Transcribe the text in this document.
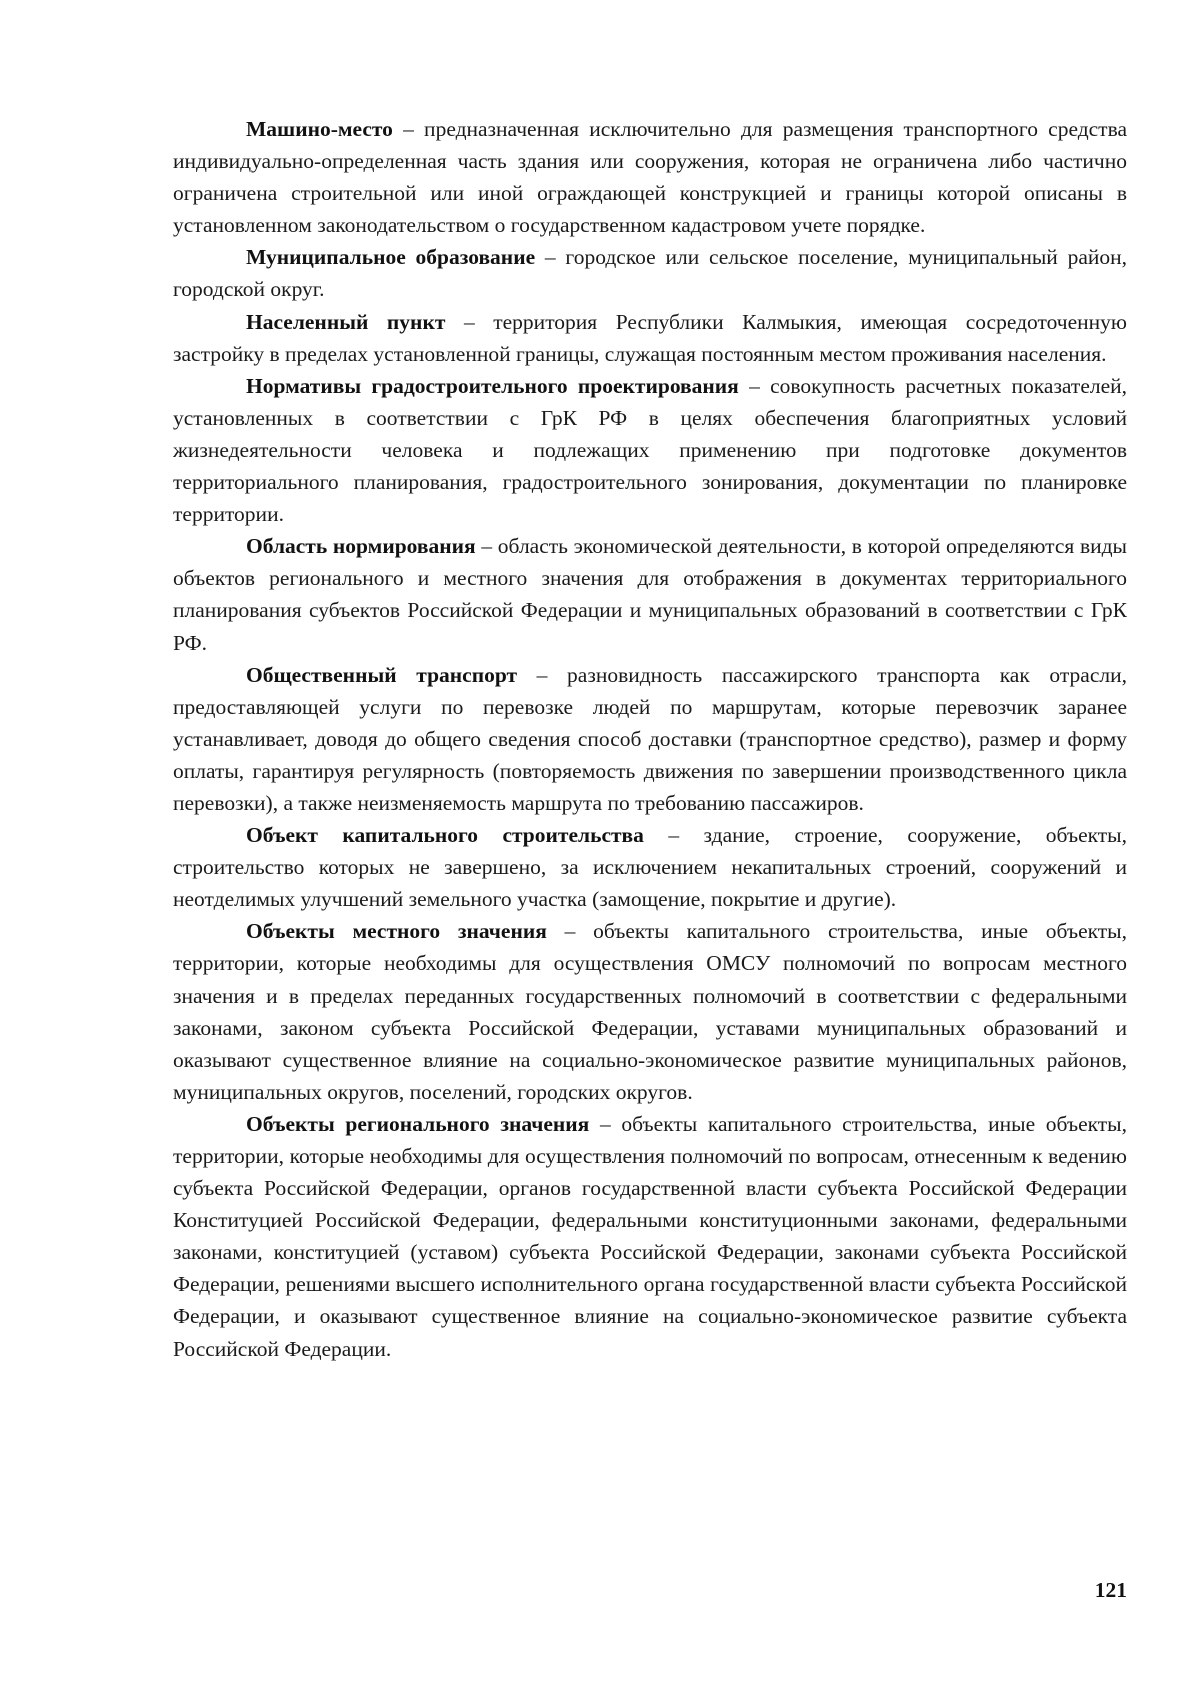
Машино-место – предназначенная исключительно для размещения транспортного средства индивидуально-определенная часть здания или сооружения, которая не ограничена либо частично ограничена строительной или иной ограждающей конструкцией и границы которой описаны в установленном законодательством о государственном кадастровом учете порядке.

Муниципальное образование – городское или сельское поселение, муниципальный район, городской округ.

Населенный пункт – территория Республики Калмыкия, имеющая сосредоточенную застройку в пределах установленной границы, служащая постоянным местом проживания населения.

Нормативы градостроительного проектирования – совокупность расчетных показателей, установленных в соответствии с ГрК РФ в целях обеспечения благоприятных условий жизнедеятельности человека и подлежащих применению при подготовке документов территориального планирования, градостроительного зонирования, документации по планировке территории.

Область нормирования – область экономической деятельности, в которой определяются виды объектов регионального и местного значения для отображения в документах территориального планирования субъектов Российской Федерации и муниципальных образований в соответствии с ГрК РФ.

Общественный транспорт – разновидность пассажирского транспорта как отрасли, предоставляющей услуги по перевозке людей по маршрутам, которые перевозчик заранее устанавливает, доводя до общего сведения способ доставки (транспортное средство), размер и форму оплаты, гарантируя регулярность (повторяемость движения по завершении производственного цикла перевозки), а также неизменяемость маршрута по требованию пассажиров.

Объект капитального строительства – здание, строение, сооружение, объекты, строительство которых не завершено, за исключением некапитальных строений, сооружений и неотделимых улучшений земельного участка (замощение, покрытие и другие).

Объекты местного значения – объекты капитального строительства, иные объекты, территории, которые необходимы для осуществления ОМСУ полномочий по вопросам местного значения и в пределах переданных государственных полномочий в соответствии с федеральными законами, законом субъекта Российской Федерации, уставами муниципальных образований и оказывают существенное влияние на социально-экономическое развитие муниципальных районов, муниципальных округов, поселений, городских округов.

Объекты регионального значения – объекты капитального строительства, иные объекты, территории, которые необходимы для осуществления полномочий по вопросам, отнесенным к ведению субъекта Российской Федерации, органов государственной власти субъекта Российской Федерации Конституцией Российской Федерации, федеральными конституционными законами, федеральными законами, конституцией (уставом) субъекта Российской Федерации, законами субъекта Российской Федерации, решениями высшего исполнительного органа государственной власти субъекта Российской Федерации, и оказывают существенное влияние на социально-экономическое развитие субъекта Российской Федерации.

121
